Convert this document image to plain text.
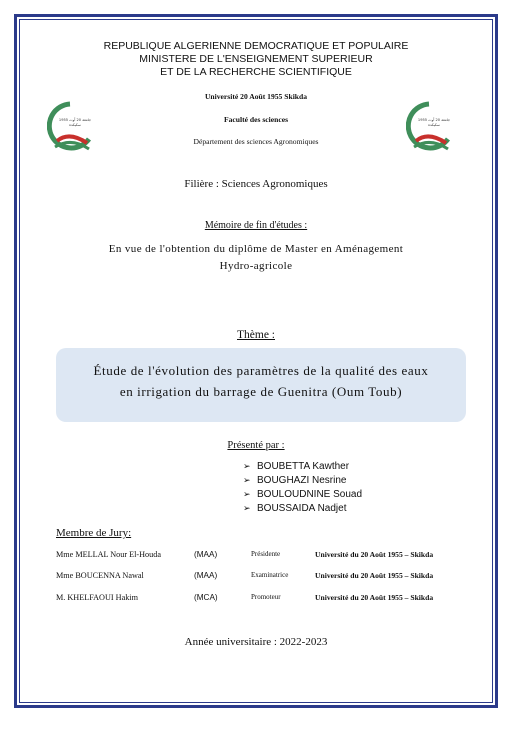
REPUBLIQUE ALGERIENNE DEMOCRATIQUE ET POPULAIRE
MINISTERE DE L'ENSEIGNEMENT SUPERIEUR
ET DE LA RECHERCHE SCIENTIFIQUE
جامعة 20 أوت 1955
سكيكدة
جامعة 20 أوت 1955
سكيكدة
Université 20 Août 1955 Skikda
Faculté des sciences
Département des sciences Agronomiques
Filière : Sciences Agronomiques
Mémoire de fin d'études :
En vue de l'obtention du diplôme de Master en Aménagement
Hydro-agricole
Thème :
Étude de l'évolution des paramètres de la qualité des eaux
en irrigation du barrage de Guenitra (Oum Toub)
Présenté par :
➢ BOUBETTA Kawther
➢ BOUGHAZI Nesrine
➢ BOULOUDNINE Souad
➢ BOUSSAIDA Nadjet
Membre de Jury:
Mme MELLAL Nour El-Houda	(MAA)	Présidente	Université du 20 Août 1955 – Skikda
Mme BOUCENNA Nawal	(MAA)	Examinatrice	Université du 20 Août 1955 – Skikda
M. KHELFAOUI Hakim	(MCA)	Promoteur	Université du 20 Août 1955 – Skikda
Année universitaire : 2022-2023
